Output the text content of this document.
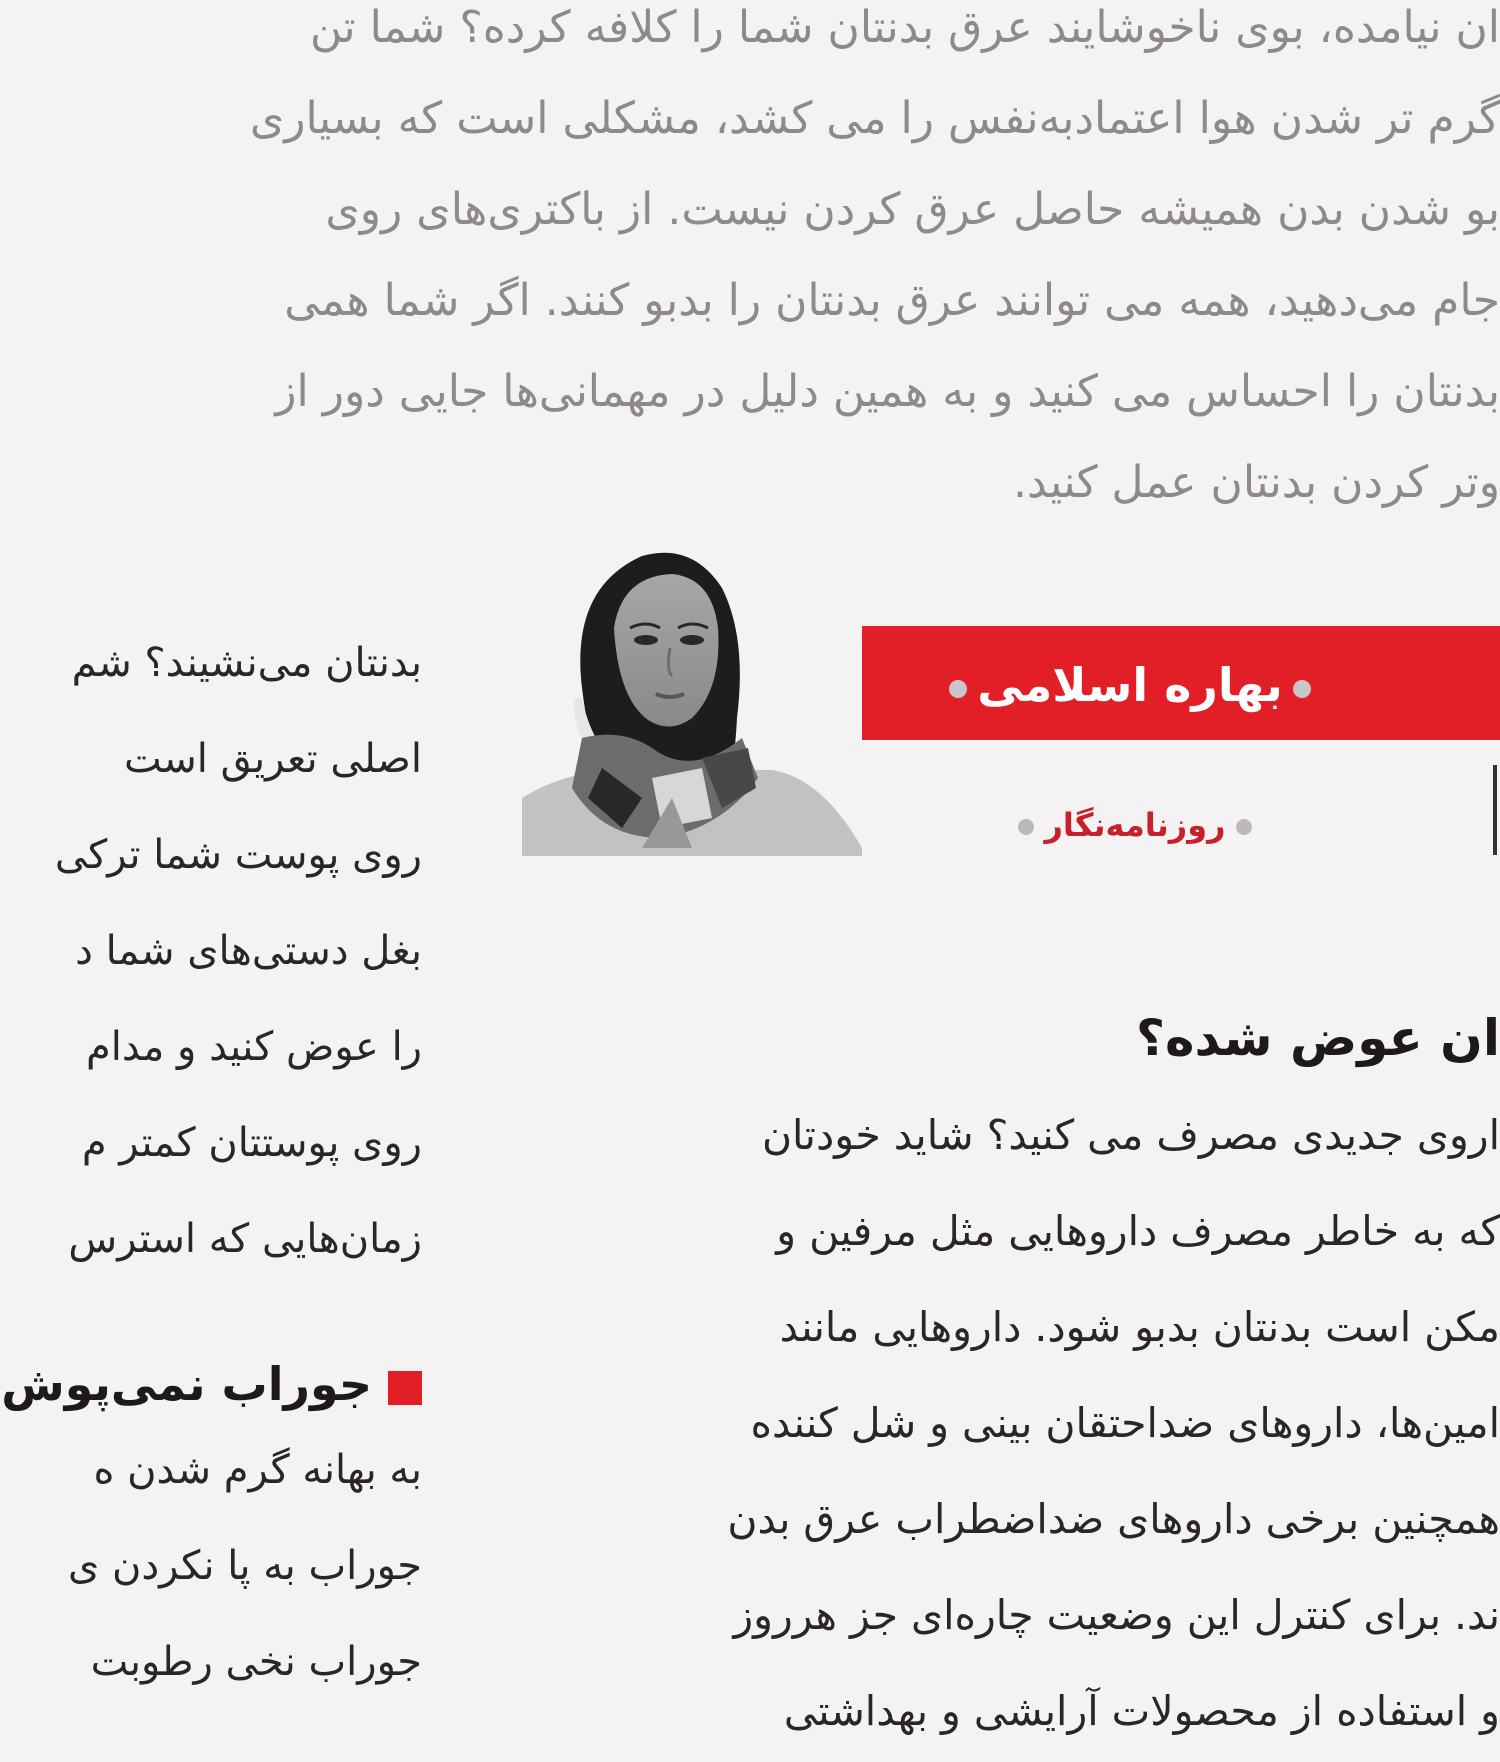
ان نیامده، بوی ناخوشایند عرق بدنتان شما را کلافه کرده؟ شما تن
گرم تر شدن هوا اعتمادبه‌نفس را می کشد، مشکلی است که بسیاری
بو شدن بدن همیشه حاصل عرق کردن نیست. از باکتری‌های روی
جام می‌دهید، همه می توانند عرق بدنتان را بدبو کنند. اگر شما همی
بدنتان را احساس می کنید و به همین دلیل در مهمانی‌ها جایی دور از
وتر کردن بدنتان عمل کنید.
بهاره اسلامی
روزنامه‌نگار
بدنتان می‌نشیند؟ شم
اصلی تعریق است
روی پوست شما ترکی
بغل دستی‌های شما د
را عوض کنید و مدام
روی پوستتان کمتر م
زمان‌هایی که استرس
جوراب نمی‌پوش
به بهانه گرم شدن ه
جوراب به پا نکردن ی
جوراب نخی رطوبت
ان عوض شده؟
اروی جدیدی مصرف می کنید؟ شاید خودتان
که به خاطر مصرف داروهایی مثل مرفین و
مکن است بدنتان بدبو شود. داروهایی مانند
امین‌ها، داروهای ضداحتقان بینی و شل کننده
همچنین برخی داروهای ضداضطراب عرق بدن
ند. برای کنترل این وضعیت چاره‌ای جز هرروز
و استفاده از محصولات آرایشی و بهداشتی
